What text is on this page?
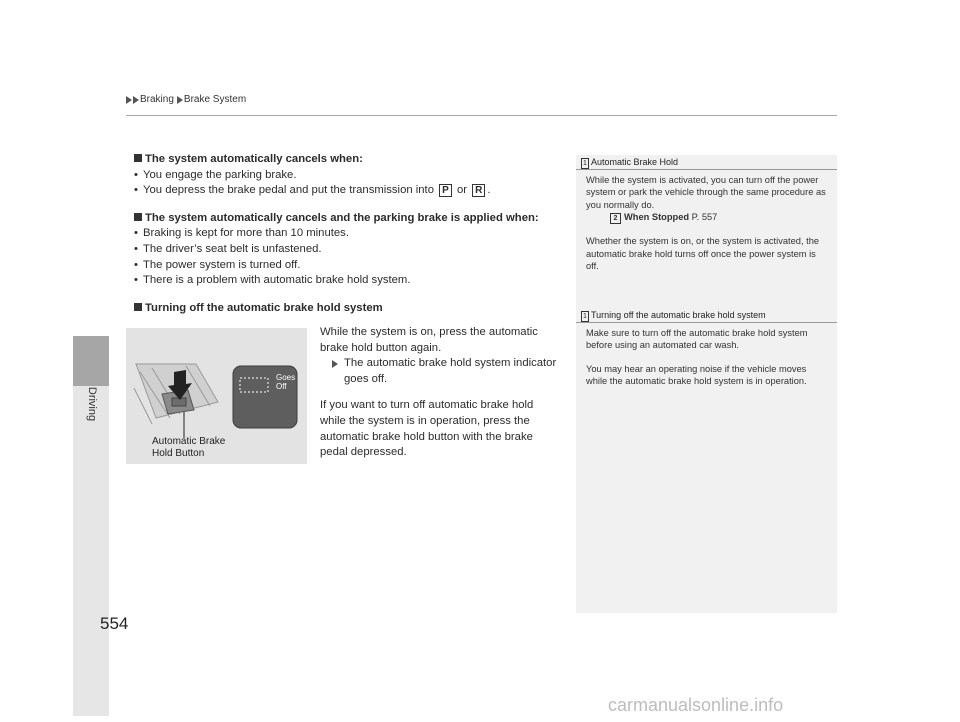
Braking Brake System
Driving
554

The system automatically cancels when:

• You engage the parking brake.
• You depress the brake pedal and put the transmission into P or R .

The system automatically cancels and the parking brake is applied when:

• Braking is kept for more than 10 minutes.
• The driver’s seat belt is unfastened.
• The power system is turned off.
• There is a problem with automatic brake hold system.

Turning off the automatic brake hold system

While the system is on, press the automatic brake hold button again.

The automatic brake hold system indicator goes off.

If you want to turn off automatic brake hold while the system is in operation, press the automatic brake hold button with the brake pedal depressed.

Goes
Off
Automatic Brake
Hold Button
1 Automatic Brake Hold

While the system is activated, you can turn off the power system or park the vehicle through the same procedure as you normally do.

2 When Stopped P. 557

Whether the system is on, or the system is activated, the automatic brake hold turns off once the power system is off.

1 Turning off the automatic brake hold system

Make sure to turn off the automatic brake hold system before using an automated car wash.

You may hear an operating noise if the vehicle moves while the automatic brake hold system is in operation.

carmanualsonline.info
